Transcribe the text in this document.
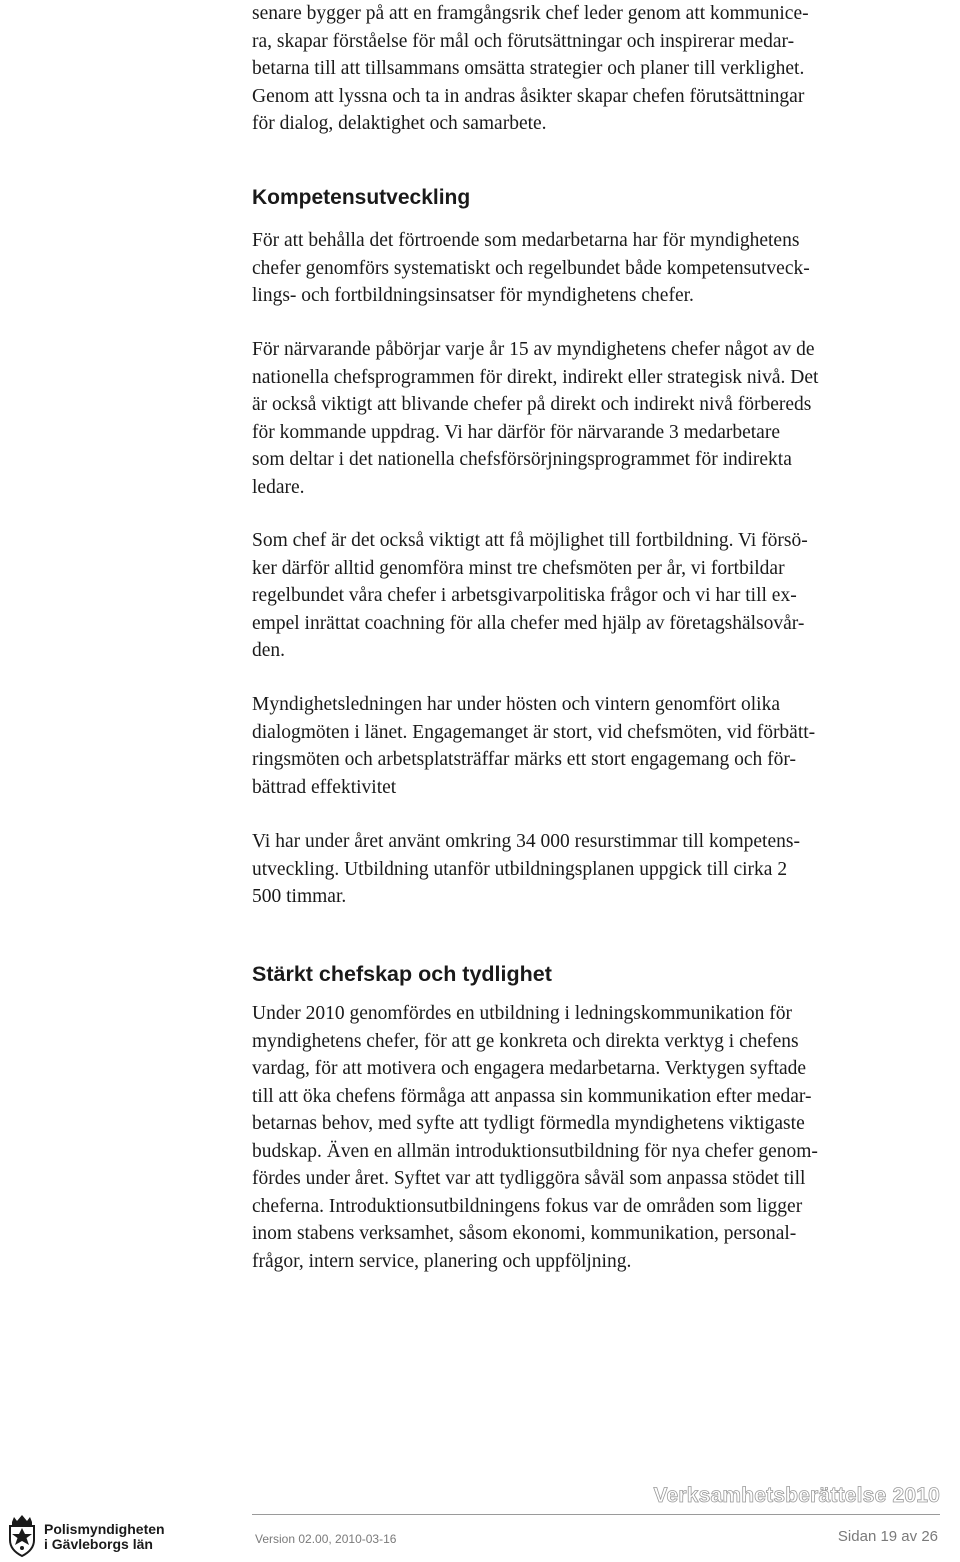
senare bygger på att en framgångsrik chef leder genom att kommunice-
ra, skapar förståelse för mål och förutsättningar och inspirerar medar-
betarna till att tillsammans omsätta strategier och planer till verklighet.
Genom att lyssna och ta in andras åsikter skapar chefen förutsättningar
för dialog, delaktighet och samarbete.
Kompetensutveckling
För att behålla det förtroende som medarbetarna har för myndighetens
chefer genomförs systematiskt och regelbundet både kompetensutveck-
lings- och fortbildningsinsatser för myndighetens chefer.
För närvarande påbörjar varje år 15 av myndighetens chefer något av de
nationella chefsprogrammen för direkt, indirekt eller strategisk nivå. Det
är också viktigt att blivande chefer på direkt och indirekt nivå förbereds
för kommande uppdrag. Vi har därför för närvarande 3 medarbetare
som deltar i det nationella chefsförsörjningsprogrammet för indirekta
ledare.
Som chef är det också viktigt att få möjlighet till fortbildning. Vi försö-
ker därför alltid genomföra minst tre chefsmöten per år, vi fortbildar
regelbundet våra chefer i arbetsgivarpolitiska frågor och vi har till ex-
empel inrättat coachning för alla chefer med hjälp av företagshälsovår-
den.
Myndighetsledningen har under hösten och vintern genomfört olika
dialogmöten i länet. Engagemanget är stort, vid chefsmöten, vid förbätt-
ringsmöten och arbetsplatsträffar märks ett stort engagemang och för-
bättrad effektivitet
Vi har under året använt omkring 34 000 resurstimmar till kompetens-
utveckling. Utbildning utanför utbildningsplanen uppgick till cirka 2
500 timmar.
Stärkt chefskap och tydlighet
Under 2010 genomfördes en utbildning i ledningskommunikation för
myndighetens chefer, för att ge konkreta och direkta verktyg i chefens
vardag, för att motivera och engagera medarbetarna. Verktygen syftade
till att öka chefens förmåga att anpassa sin kommunikation efter medar-
betarnas behov, med syfte att tydligt förmedla myndighetens viktigaste
budskap. Även en allmän introduktionsutbildning för nya chefer genom-
fördes under året. Syftet var att tydliggöra såväl som anpassa stödet till
cheferna. Introduktionsutbildningens fokus var de områden som ligger
inom stabens verksamhet, såsom ekonomi, kommunikation, personal-
frågor, intern service, planering och uppföljning.
Verksamhetsberättelse 2010
Version 02.00, 2010-03-16	Sidan 19 av 26
Polismyndigheten
i Gävleborgs län
